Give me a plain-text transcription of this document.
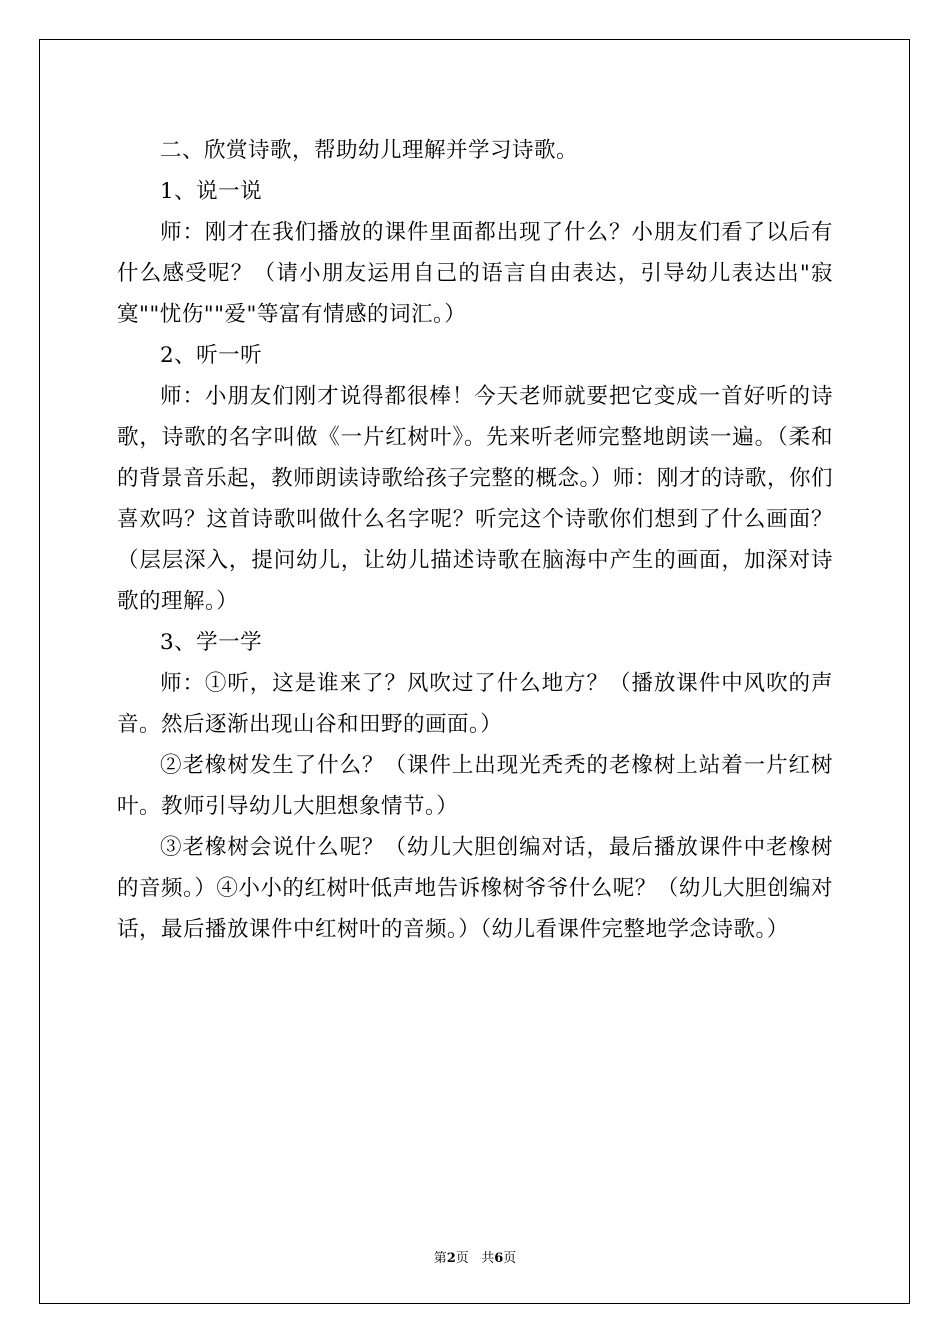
二、欣赏诗歌，帮助幼儿理解并学习诗歌。

1、说一说

师：刚才在我们播放的课件里面都出现了什么？小朋友们看了以后有什么感受呢？（请小朋友运用自己的语言自由表达，引导幼儿表达出"寂寞""忧伤""爱"等富有情感的词汇。）

2、听一听

师：小朋友们刚才说得都很棒！今天老师就要把它变成一首好听的诗歌，诗歌的名字叫做《一片红树叶》。先来听老师完整地朗读一遍。（柔和的背景音乐起，教师朗读诗歌给孩子完整的概念。）师：刚才的诗歌，你们喜欢吗？这首诗歌叫做什么名字呢？听完这个诗歌你们想到了什么画面？（层层深入，提问幼儿，让幼儿描述诗歌在脑海中产生的画面，加深对诗歌的理解。）

3、学一学

师：①听，这是谁来了？风吹过了什么地方？（播放课件中风吹的声音。然后逐渐出现山谷和田野的画面。）

②老橡树发生了什么？（课件上出现光秃秃的老橡树上站着一片红树叶。教师引导幼儿大胆想象情节。）

③老橡树会说什么呢？（幼儿大胆创编对话，最后播放课件中老橡树的音频。）④小小的红树叶低声地告诉橡树爷爷什么呢？（幼儿大胆创编对话，最后播放课件中红树叶的音频。）（幼儿看课件完整地学念诗歌。）

第2页   共6页
